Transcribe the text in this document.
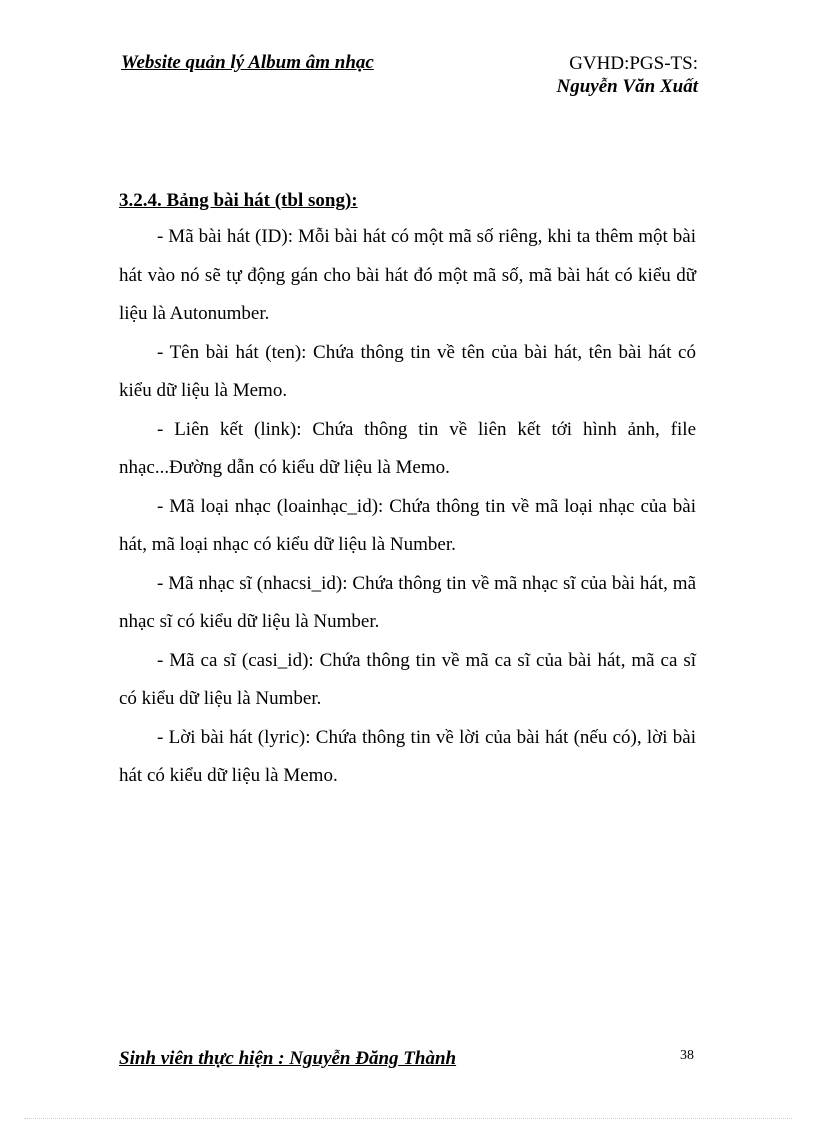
Website quản lý Album âm nhạc	GVHD:PGS-TS:
Nguyễn Văn Xuất

3.2.4. Bảng bài hát (tbl song):

- Mã bài hát (ID): Mỗi bài hát có một mã số riêng, khi ta thêm một bài hát vào nó sẽ tự động gán cho bài hát đó một mã số, mã bài hát có kiểu dữ liệu là Autonumber.

- Tên bài hát (ten): Chứa thông tin về tên của bài hát, tên bài hát có kiểu dữ liệu là Memo.

- Liên kết (link): Chứa thông tin về liên kết tới hình ảnh, file nhạc...Đường dẫn có kiểu dữ liệu là Memo.

- Mã loại nhạc (loainhạc_id): Chứa thông tin về mã loại nhạc của bài hát, mã loại nhạc có kiểu dữ liệu là Number.

- Mã nhạc sĩ (nhacsi_id): Chứa thông tin về mã nhạc sĩ của bài hát, mã nhạc sĩ có kiểu dữ liệu là Number.

- Mã ca sĩ (casi_id): Chứa thông tin về mã ca sĩ của bài hát, mã ca sĩ có kiểu dữ liệu là Number.

- Lời bài hát (lyric): Chứa thông tin về lời của bài hát (nếu có), lời bài hát có kiểu dữ liệu là Memo.

Sinh viên thực hiện : Nguyễn Đăng Thành	38
